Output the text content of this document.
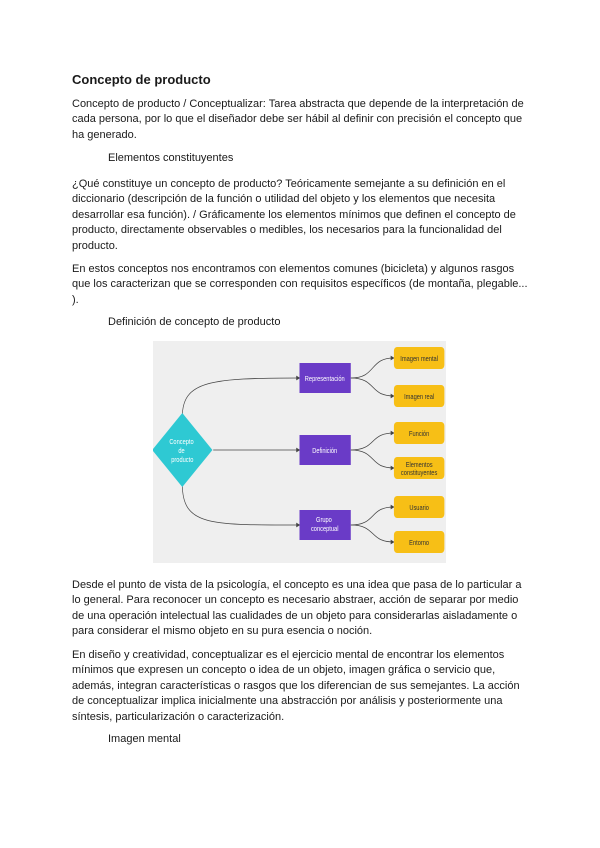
Concepto de producto

Concepto de producto / Conceptualizar: Tarea abstracta que depende de la interpretación de cada persona, por lo que el diseñador debe ser hábil al definir con precisión el concepto que ha generado.

Elementos constituyentes

¿Qué constituye un concepto de producto? Teóricamente semejante a su definición en el diccionario (descripción de la función o utilidad del objeto y los elementos que necesita desarrollar esa función). / Gráficamente los elementos mínimos que definen el concepto de producto, directamente observables o medibles, los necesarios para la funcionalidad del producto.

En estos conceptos nos encontramos con elementos comunes (bicicleta) y algunos rasgos que los caracterizan que se corresponden con requisitos específicos (de montaña, plegable... ).

Definición de concepto de producto
Concepto de producto
Representación
Definición
Grupo conceptual
Imagen mental
Imagen real
Función
Elementos constituyentes
Usuario
Entorno

Desde el punto de vista de la psicología, el concepto es una idea que pasa de lo particular a lo general. Para reconocer un concepto es necesario abstraer, acción de separar por medio de una operación intelectual las cualidades de un objeto para considerarlas aisladamente o para considerar el mismo objeto en su pura esencia o noción.

En diseño y creatividad, conceptualizar es el ejercicio mental de encontrar los elementos mínimos que expresen un concepto o idea de un objeto, imagen gráfica o servicio que, además, integran características o rasgos que los diferencian de sus semejantes. La acción de conceptualizar implica inicialmente una abstracción por análisis y posteriormente una síntesis, particularización o caracterización.

Imagen mental
